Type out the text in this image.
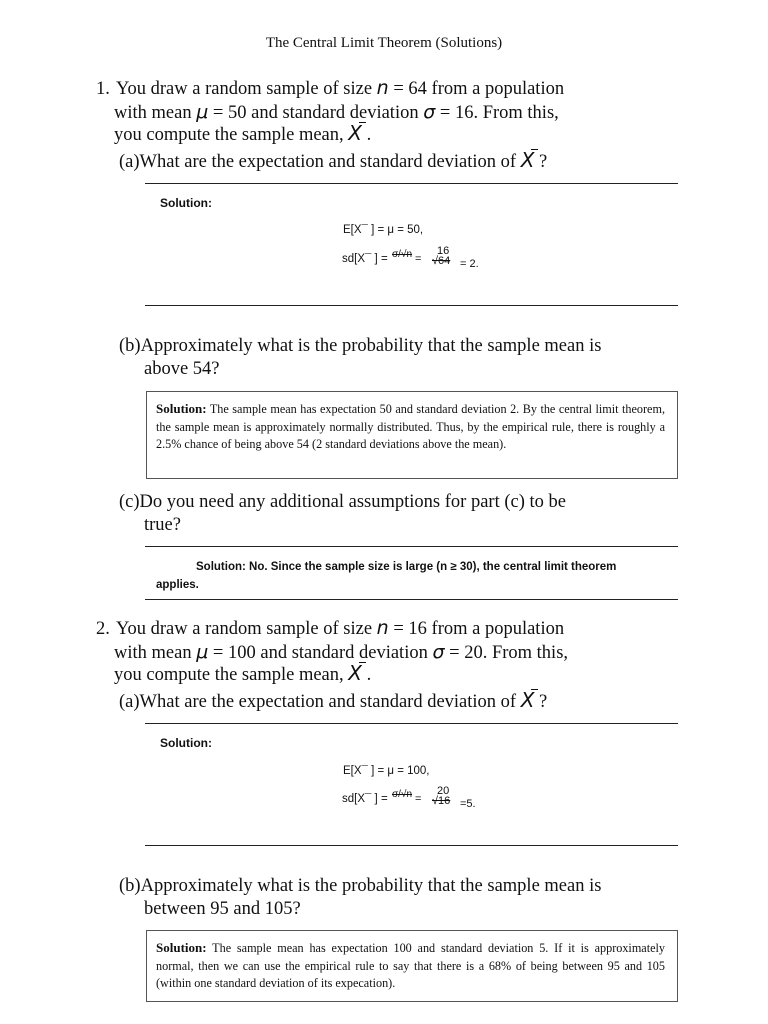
The Central Limit Theorem (Solutions)
1. You draw a random sample of size n = 64 from a population
with mean μ = 50 and standard deviation σ = 16. From this,
you compute the sample mean, X .
(a)What are the expectation and standard deviation of X ?
Solution:
E[X¯ ] = μ = 50,
sd[X¯ ] = σ/√n =
16
√64 = 2.
(b)Approximately what is the probability that the sample mean is
above 54?
Solution: The sample mean has expectation 50 and standard deviation 2. By the central limit theorem, the sample mean is approximately normally distributed. Thus, by the empirical rule, there is roughly a 2.5% chance of being above 54 (2 standard deviations above the mean).
(c)Do you need any additional assumptions for part (c) to be
true?
Solution: No. Since the sample size is large (n ≥ 30), the central limit theorem
applies.
2. You draw a random sample of size n = 16 from a population
with mean μ = 100 and standard deviation σ = 20. From this,
you compute the sample mean, X .
(a)What are the expectation and standard deviation of X ?
Solution:
E[X¯ ] = μ = 100,
sd[X¯ ] = σ/√n =
20
√16 =5.
(b)Approximately what is the probability that the sample mean is
between 95 and 105?
Solution: The sample mean has expectation 100 and standard deviation 5. If it is approximately normal, then we can use the empirical rule to say that there is a 68% of being between 95 and 105 (within one standard deviation of its expecation).
